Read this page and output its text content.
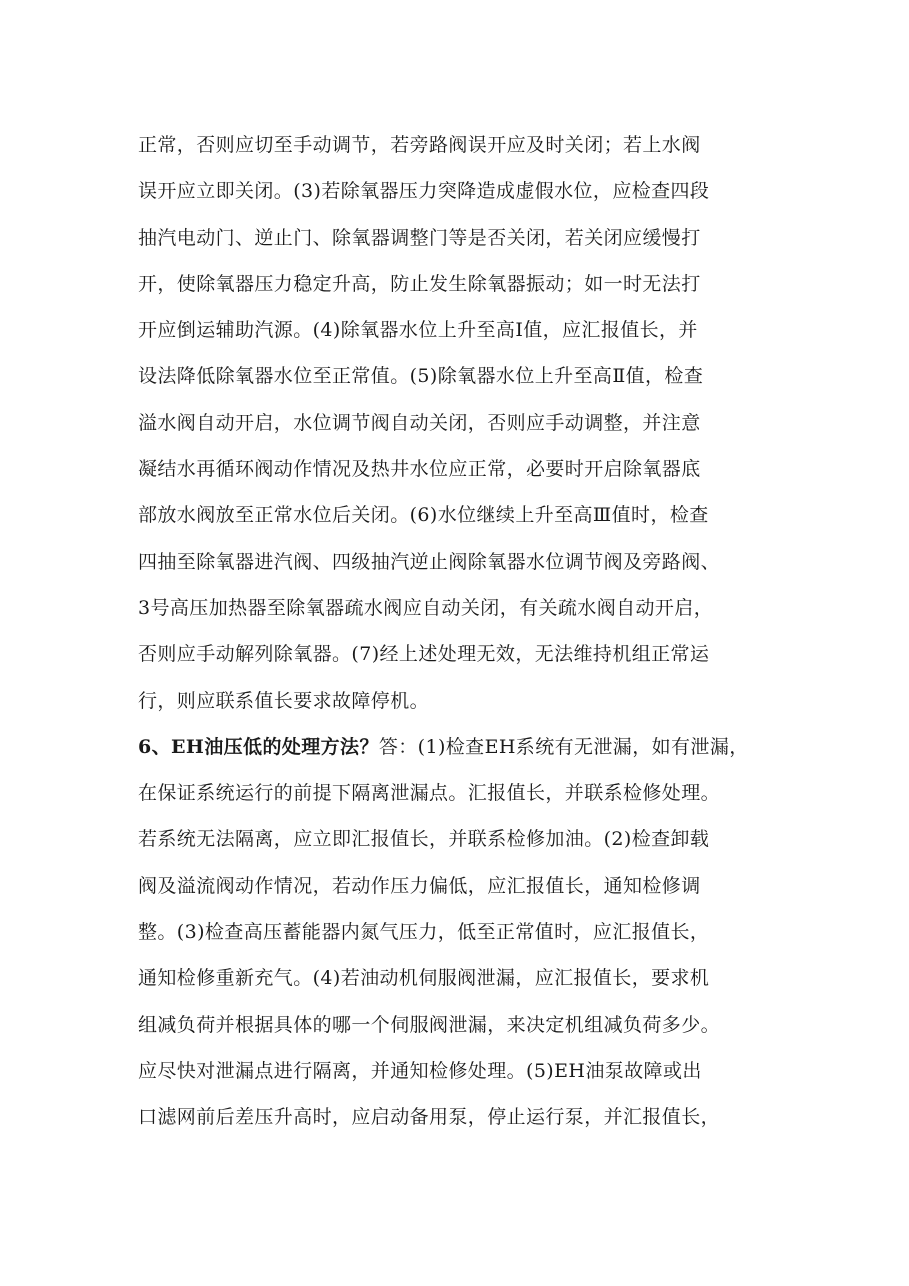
正常，否则应切至手动调节，若旁路阀误开应及时关闭；若上水阀
误开应立即关闭。(3)若除氧器压力突降造成虚假水位，应检查四段
抽汽电动门、逆止门、除氧器调整门等是否关闭，若关闭应缓慢打
开，使除氧器压力稳定升高，防止发生除氧器振动；如一时无法打
开应倒运辅助汽源。(4)除氧器水位上升至高Ⅰ值，应汇报值长，并
设法降低除氧器水位至正常值。(5)除氧器水位上升至高Ⅱ值，检查
溢水阀自动开启，水位调节阀自动关闭，否则应手动调整，并注意
凝结水再循环阀动作情况及热井水位应正常，必要时开启除氧器底
部放水阀放至正常水位后关闭。(6)水位继续上升至高Ⅲ值时，检查
四抽至除氧器进汽阀、四级抽汽逆止阀除氧器水位调节阀及旁路阀、
3号高压加热器至除氧器疏水阀应自动关闭，有关疏水阀自动开启，
否则应手动解列除氧器。(7)经上述处理无效，无法维持机组正常运
行，则应联系值长要求故障停机。
6、EH油压低的处理方法？答：(1)检查EH系统有无泄漏，如有泄漏，
在保证系统运行的前提下隔离泄漏点。汇报值长，并联系检修处理。
若系统无法隔离，应立即汇报值长，并联系检修加油。(2)检查卸载
阀及溢流阀动作情况，若动作压力偏低，应汇报值长，通知检修调
整。(3)检查高压蓄能器内氮气压力，低至正常值时，应汇报值长，
通知检修重新充气。(4)若油动机伺服阀泄漏，应汇报值长，要求机
组减负荷并根据具体的哪一个伺服阀泄漏，来决定机组减负荷多少。
应尽快对泄漏点进行隔离，并通知检修处理。(5)EH油泵故障或出
口滤网前后差压升高时，应启动备用泵，停止运行泵，并汇报值长，
